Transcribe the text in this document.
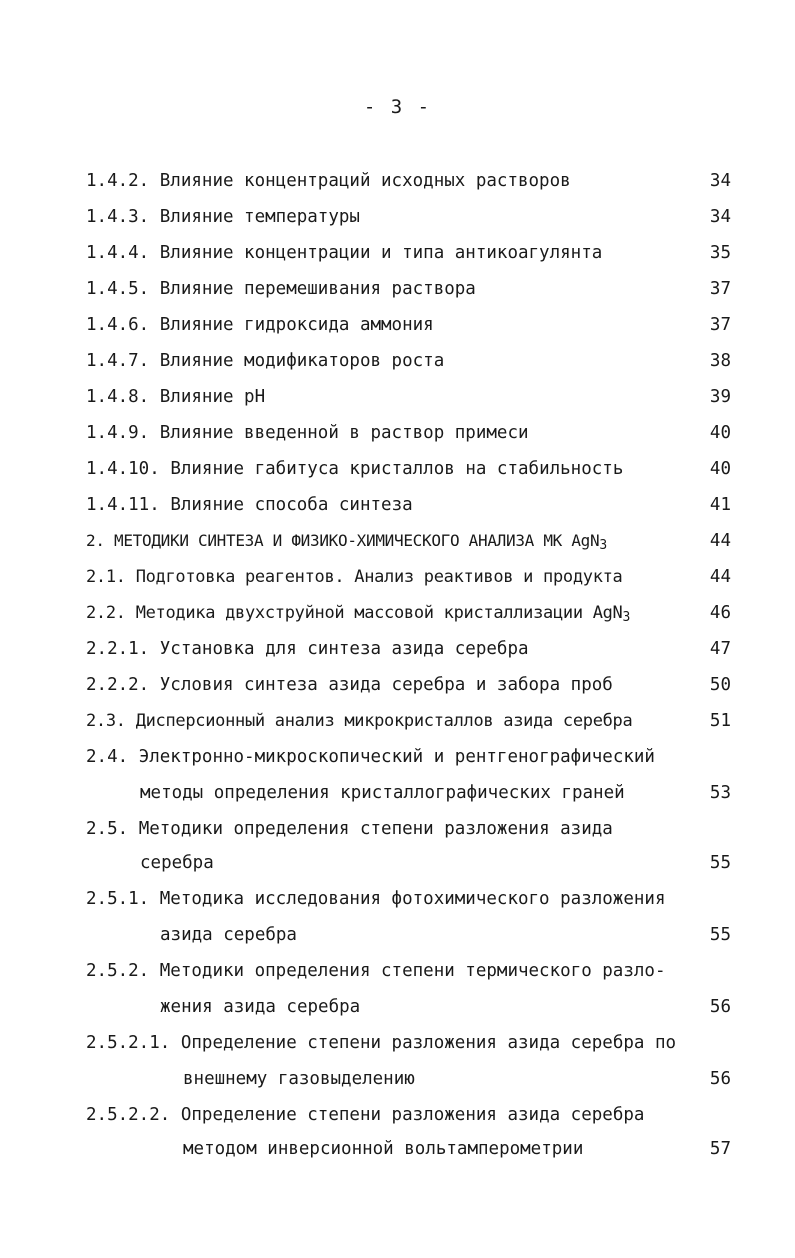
- 3 -
1.4.2. Влияние концентраций исходных растворов	34
1.4.3. Влияние температуры	34
1.4.4. Влияние концентрации и типа антикоагулянта	35
1.4.5. Влияние перемешивания раствора	37
1.4.6. Влияние гидроксида аммония	37
1.4.7. Влияние модификаторов роста	38
1.4.8. Влияние pH	39
1.4.9. Влияние введенной в раствор примеси	40
1.4.10. Влияние габитуса кристаллов на стабильность	40
1.4.11. Влияние способа синтеза	41
2. МЕТОДИКИ СИНТЕЗА И ФИЗИКО-ХИМИЧЕСКОГО АНАЛИЗА МК AgN$_3$	44
2.1. Подготовка реагентов. Анализ реактивов и продукта	44
2.2. Методика двухструйной массовой кристаллизации AgN$_3$	46
2.2.1. Установка для синтеза азида серебра	47
2.2.2. Условия синтеза азида серебра и забора проб	50
2.3. Дисперсионный анализ микрокристаллов азида серебра	51
2.4. Электронно-микроскопический и рентгенографический
методы определения кристаллографических граней	53
2.5. Методики определения степени разложения азида
серебра	55
2.5.1. Методика исследования фотохимического разложения
азида серебра	55
2.5.2. Методики определения степени термического разло-
жения азида серебра	56
2.5.2.1. Определение степени разложения азида серебра по
внешнему газовыделению	56
2.5.2.2. Определение степени разложения азида серебра
методом инверсионной вольтамперометрии	57
